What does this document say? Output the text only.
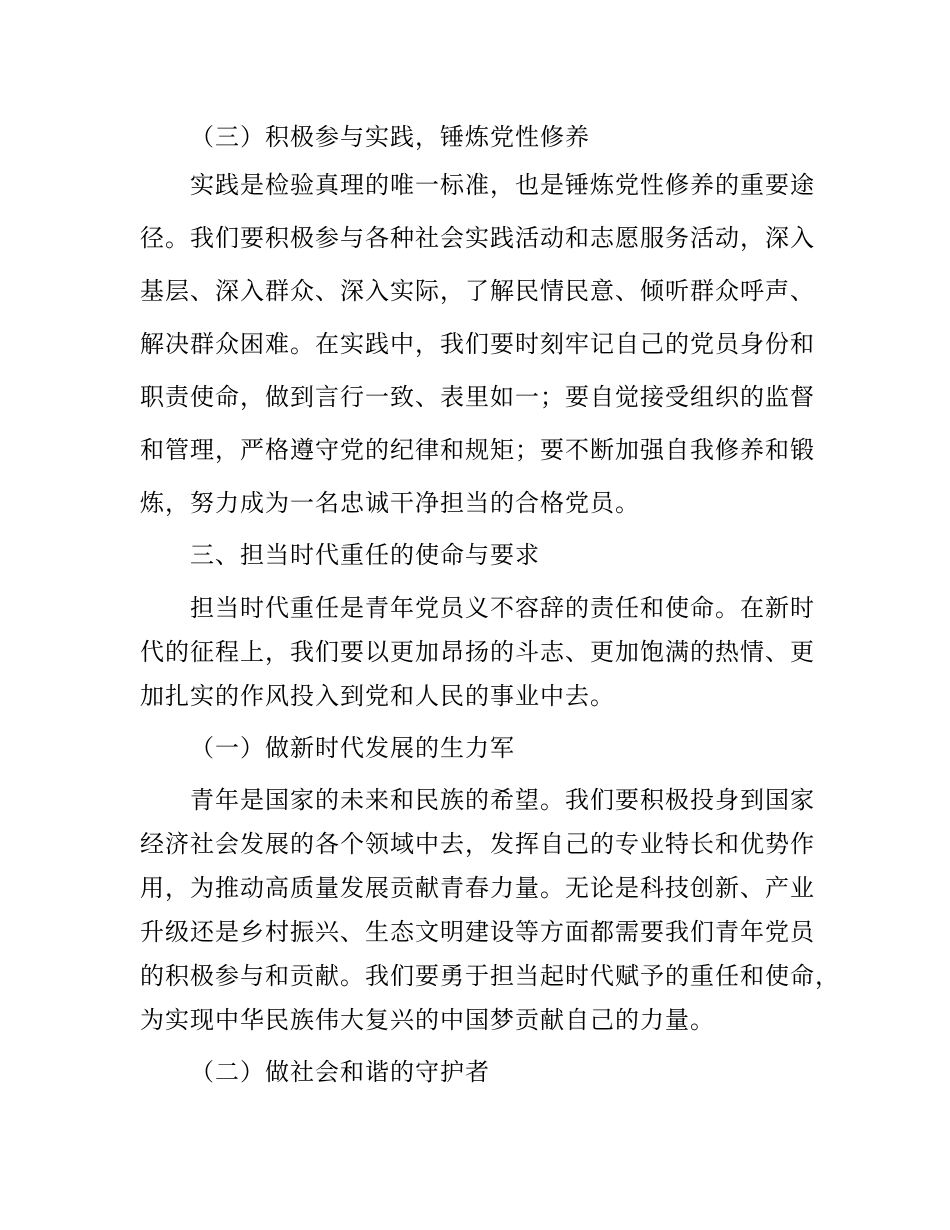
（三）积极参与实践，锤炼党性修养
实践是检验真理的唯一标准，也是锤炼党性修养的重要途
径。我们要积极参与各种社会实践活动和志愿服务活动，深入
基层、深入群众、深入实际，了解民情民意、倾听群众呼声、
解决群众困难。在实践中，我们要时刻牢记自己的党员身份和
职责使命，做到言行一致、表里如一；要自觉接受组织的监督
和管理，严格遵守党的纪律和规矩；要不断加强自我修养和锻
炼，努力成为一名忠诚干净担当的合格党员。
三、担当时代重任的使命与要求
担当时代重任是青年党员义不容辞的责任和使命。在新时
代的征程上，我们要以更加昂扬的斗志、更加饱满的热情、更
加扎实的作风投入到党和人民的事业中去。
（一）做新时代发展的生力军
青年是国家的未来和民族的希望。我们要积极投身到国家
经济社会发展的各个领域中去，发挥自己的专业特长和优势作
用，为推动高质量发展贡献青春力量。无论是科技创新、产业
升级还是乡村振兴、生态文明建设等方面都需要我们青年党员
的积极参与和贡献。我们要勇于担当起时代赋予的重任和使命，
为实现中华民族伟大复兴的中国梦贡献自己的力量。
（二）做社会和谐的守护者
